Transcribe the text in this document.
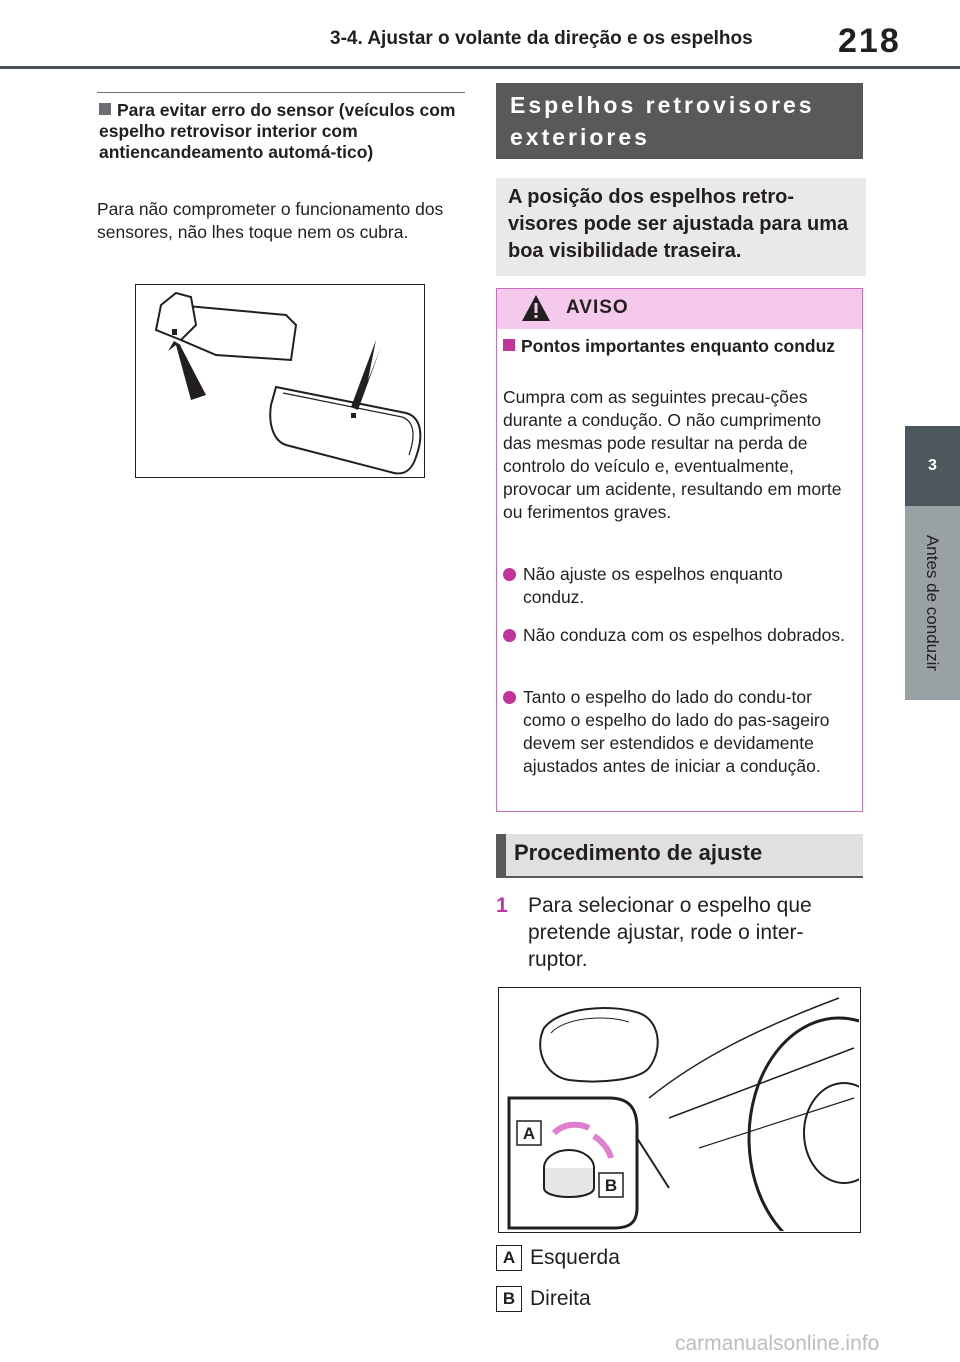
3-4. Ajustar o volante da direção e os espelhos	218
3
Antes de conduzir
Para evitar erro do sensor (veículos com espelho retrovisor interior com antiencandeamento automá-tico)
Para não comprometer o funcionamento dos sensores, não lhes toque nem os cubra.
Espelhos retrovisores exteriores
A posição dos espelhos retro-visores pode ser ajustada para uma boa visibilidade traseira.
AVISO
Pontos importantes enquanto conduz
Cumpra com as seguintes precau-ções durante a condução. O não cumprimento das mesmas pode resultar na perda de controlo do veículo e, eventualmente, provocar um acidente, resultando em morte ou ferimentos graves.
Não ajuste os espelhos enquanto conduz.
Não conduza com os espelhos dobrados.
Tanto o espelho do lado do condu-tor como o espelho do lado do pas-sageiro devem ser estendidos e devidamente ajustados antes de iniciar a condução.
Procedimento de ajuste
1 Para selecionar o espelho que pretende ajustar, rode o inter-ruptor.
A
B
A Esquerda
B Direita
carmanualsonline.info
